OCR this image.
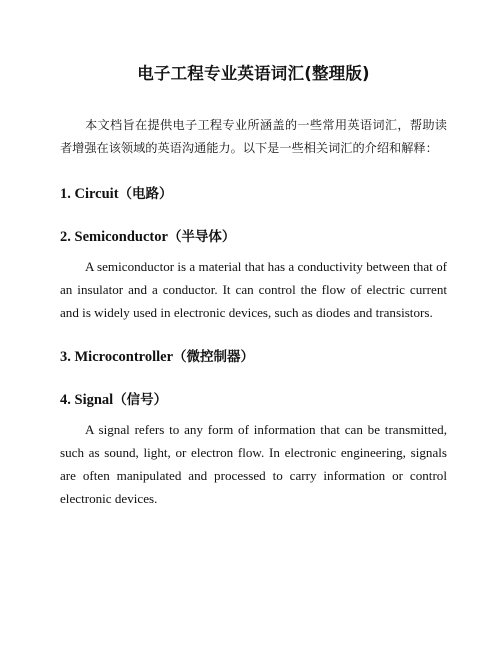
电子工程专业英语词汇(整理版)

本文档旨在提供电子工程专业所涵盖的一些常用英语词汇，帮助读者增强在该领域的英语沟通能力。以下是一些相关词汇的介绍和解释：

1. Circuit（电路）
2. Semiconductor（半导体）

A semiconductor is a material that has a conductivity between that of an insulator and a conductor. It can control the flow of electric current and is widely used in electronic devices, such as diodes and transistors.

3. Microcontroller（微控制器）
4. Signal（信号）

A signal refers to any form of information that can be transmitted, such as sound, light, or electron flow. In electronic engineering, signals are often manipulated and processed to carry information or control electronic devices.
